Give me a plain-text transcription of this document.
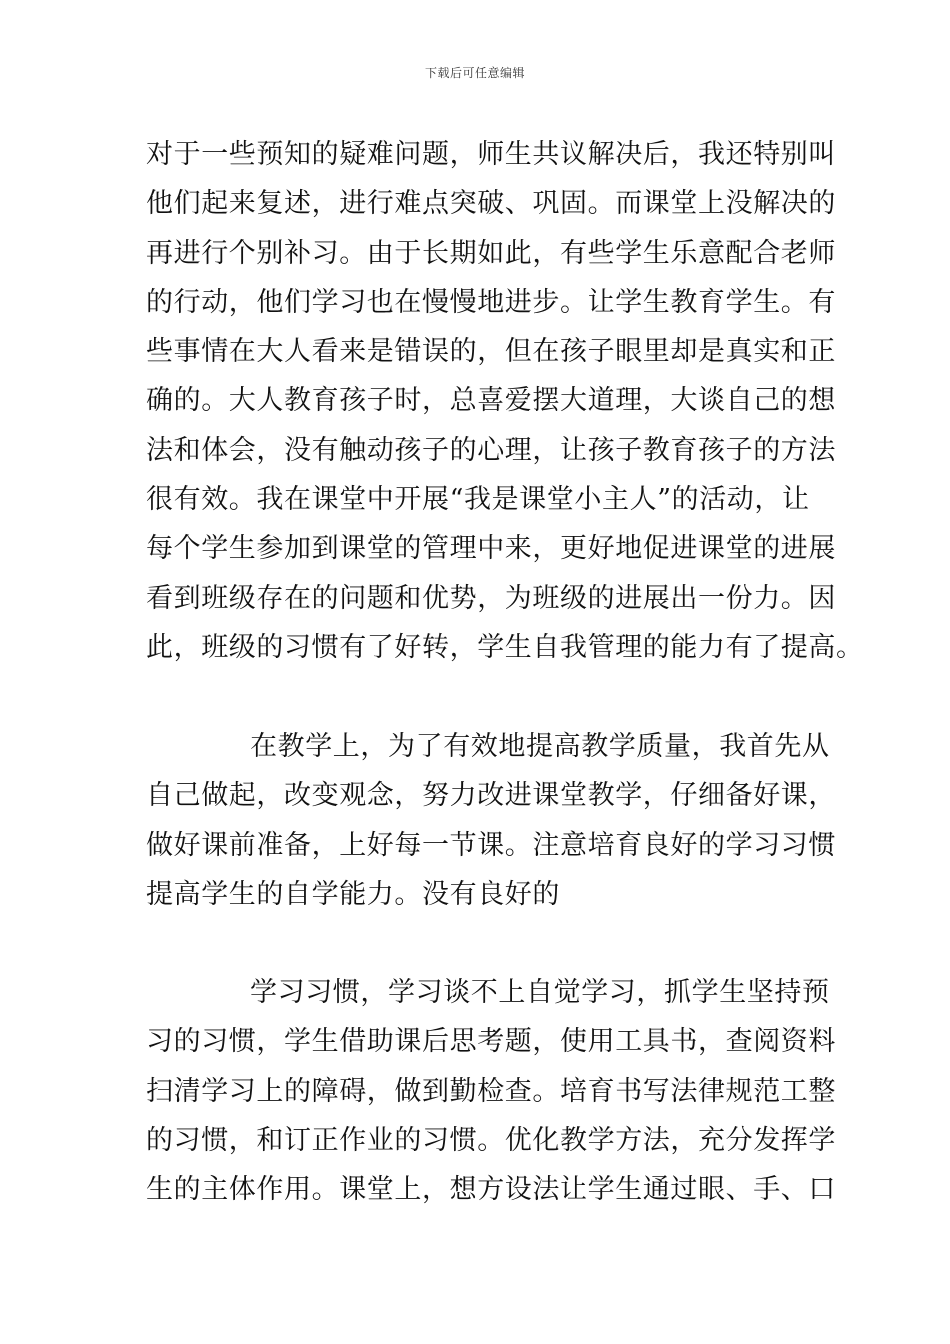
下载后可任意编辑
对于一些预知的疑难问题，师生共议解决后，我还特别叫
他们起来复述，进行难点突破、巩固。而课堂上没解决的
再进行个别补习。由于长期如此，有些学生乐意配合老师
的行动，他们学习也在慢慢地进步。让学生教育学生。有
些事情在大人看来是错误的，但在孩子眼里却是真实和正
确的。大人教育孩子时，总喜爱摆大道理，大谈自己的想
法和体会，没有触动孩子的心理，让孩子教育孩子的方法
很有效。我在课堂中开展“我是课堂小主人”的活动，让
每个学生参加到课堂的管理中来，更好地促进课堂的进展
看到班级存在的问题和优势，为班级的进展出一份力。因
此，班级的习惯有了好转，学生自我管理的能力有了提高。
在教学上，为了有效地提高教学质量，我首先从
自己做起，改变观念，努力改进课堂教学，仔细备好课，
做好课前准备，上好每一节课。注意培育良好的学习习惯
提高学生的自学能力。没有良好的
学习习惯，学习谈不上自觉学习，抓学生坚持预
习的习惯，学生借助课后思考题，使用工具书，查阅资料
扫清学习上的障碍，做到勤检查。培育书写法律规范工整
的习惯，和订正作业的习惯。优化教学方法，充分发挥学
生的主体作用。课堂上，想方设法让学生通过眼、手、口
